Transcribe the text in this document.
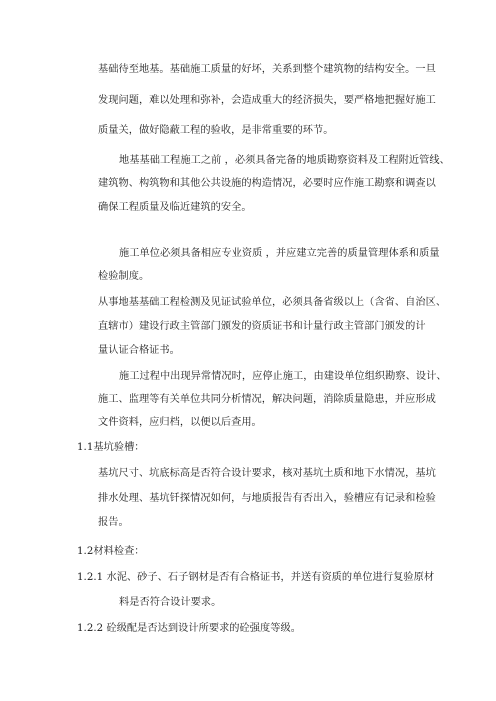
基础待至地基。基础施工质量的好坏，关系到整个建筑物的结构安全。一旦
发现问题，难以处理和弥补，会造成重大的经济损失，要严格地把握好施工
质量关，做好隐蔽工程的验收，是非常重要的环节。
地基基础工程施工之前 ，必须具备完备的地质勘察资料及工程附近管线、
建筑物、构筑物和其他公共设施的构造情况，必要时应作施工勘察和调查以
确保工程质量及临近建筑的安全。
施工单位必须具备相应专业资质 ，并应建立完善的质量管理体系和质量
检验制度。
从事地基基础工程检测及见证试验单位，必须具备省级以上（含省、自治区、
直辖市）建设行政主管部门颁发的资质证书和计量行政主管部门颁发的计
量认证合格证书。
施工过程中出现异常情况时，应停止施工，由建设单位组织勘察、设计、
施工、监理等有关单位共同分析情况，解决问题，消除质量隐患，并应形成
文件资料，应归档，以便以后查用。
1.1基坑验槽：
基坑尺寸、坑底标高是否符合设计要求，核对基坑土质和地下水情况，基坑
排水处理、基坑钎探情况如何，与地质报告有否出入，验槽应有记录和检验
报告。
1.2材料检查：
1.2.1 水泥、砂子、石子钢材是否有合格证书，并送有资质的单位进行复验原材
料是否符合设计要求。
1.2.2 砼级配是否达到设计所要求的砼强度等级。
